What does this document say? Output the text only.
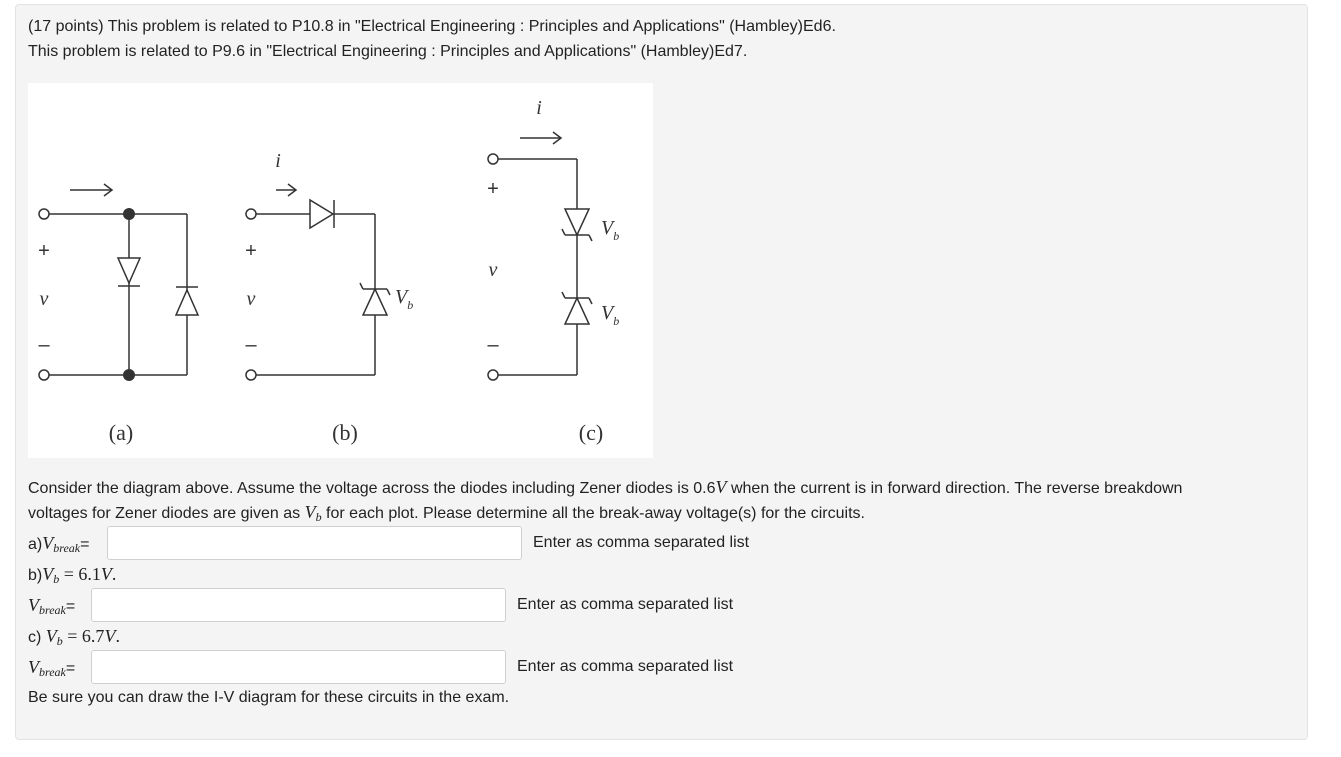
(17 points) This problem is related to P10.8 in "Electrical Engineering : Principles and Applications" (Hambley)Ed6.
This problem is related to P9.6 in "Electrical Engineering : Principles and Applications" (Hambley)Ed7.
+
v
–
(a)
i
+
v
–
$V_b$
(b)
i
+
v
–
$V_b$
$V_b$
(c)
Consider the diagram above. Assume the voltage across the diodes including Zener diodes is 0.6V when the current is in forward direction. The reverse breakdown
voltages for Zener diodes are given as $V_b$ for each plot. Please determine all the break-away voltage(s) for the circuits.
$a)V_{break}=$	Enter as comma separated list
$b)V_b = 6.1V$.
$V_{break}=$	Enter as comma separated list
c) $V_b = 6.7V$.
$V_{break}=$	Enter as comma separated list
Be sure you can draw the I-V diagram for these circuits in the exam.
